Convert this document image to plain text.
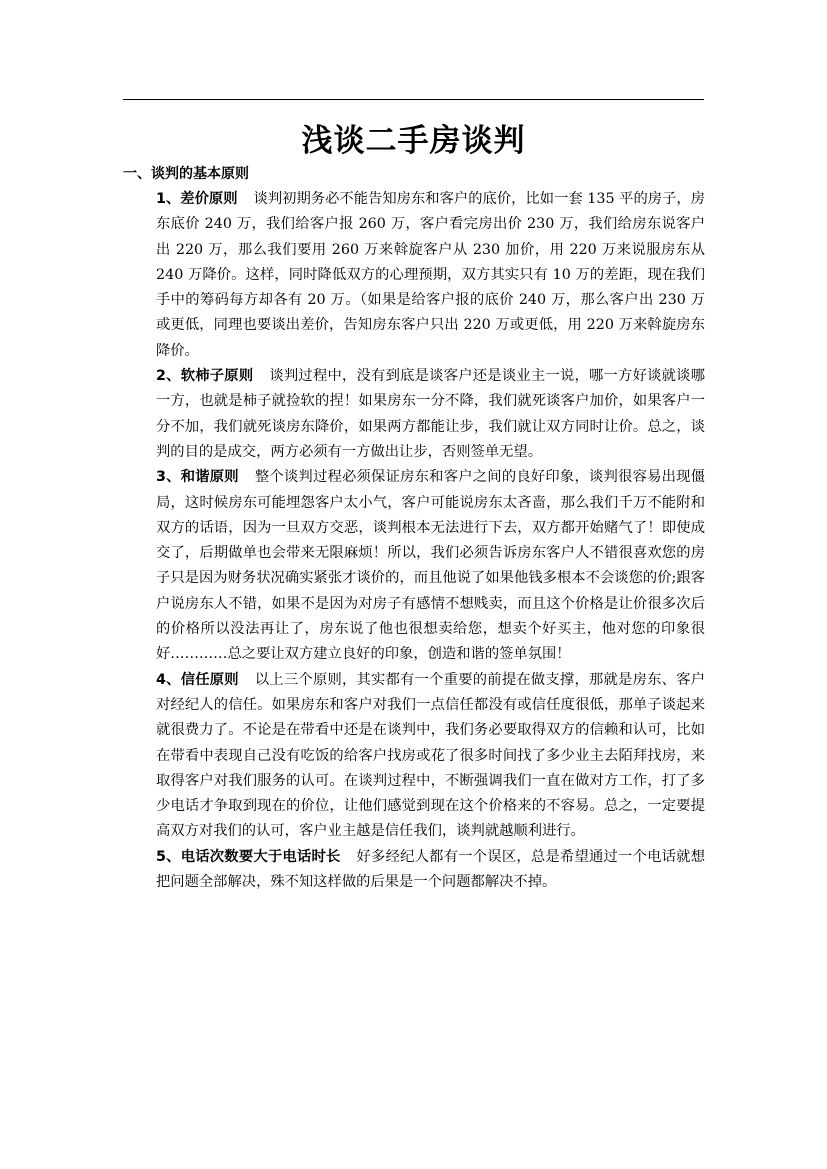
浅谈二手房谈判
一、谈判的基本原则

1、差价原则 谈判初期务必不能告知房东和客户的底价，比如一套 135 平的房子，房东底价 240 万，我们给客户报 260 万，客户看完房出价 230 万，我们给房东说客户出 220 万，那么我们要用 260 万来斡旋客户从 230 加价，用 220 万来说服房东从 240 万降价。这样，同时降低双方的心理预期，双方其实只有 10 万的差距，现在我们手中的筹码每方却各有 20 万。（如果是给客户报的底价 240 万，那么客户出 230 万或更低，同理也要谈出差价，告知房东客户只出 220 万或更低，用 220 万来斡旋房东降价。

2、软柿子原则 谈判过程中，没有到底是谈客户还是谈业主一说，哪一方好谈就谈哪一方，也就是柿子就捡软的捏！如果房东一分不降，我们就死谈客户加价，如果客户一分不加，我们就死谈房东降价，如果两方都能让步，我们就让双方同时让价。总之，谈判的目的是成交，两方必须有一方做出让步，否则签单无望。

3、和谐原则 整个谈判过程必须保证房东和客户之间的良好印象，谈判很容易出现僵局，这时候房东可能埋怨客户太小气，客户可能说房东太吝啬，那么我们千万不能附和双方的话语，因为一旦双方交恶，谈判根本无法进行下去，双方都开始赌气了！即使成交了，后期做单也会带来无限麻烦！所以，我们必须告诉房东客户人不错很喜欢您的房子只是因为财务状况确实紧张才谈价的，而且他说了如果他钱多根本不会谈您的价;跟客户说房东人不错，如果不是因为对房子有感情不想贱卖，而且这个价格是让价很多次后的价格所以没法再让了，房东说了他也很想卖给您，想卖个好买主，他对您的印象很好…………总之要让双方建立良好的印象，创造和谐的签单氛围！

4、信任原则 以上三个原则，其实都有一个重要的前提在做支撑，那就是房东、客户对经纪人的信任。如果房东和客户对我们一点信任都没有或信任度很低，那单子谈起来就很费力了。不论是在带看中还是在谈判中，我们务必要取得双方的信赖和认可，比如在带看中表现自己没有吃饭的给客户找房或花了很多时间找了多少业主去陌拜找房，来取得客户对我们服务的认可。在谈判过程中，不断强调我们一直在做对方工作，打了多少电话才争取到现在的价位，让他们感觉到现在这个价格来的不容易。总之，一定要提高双方对我们的认可，客户业主越是信任我们，谈判就越顺利进行。

5、电话次数要大于电话时长 好多经纪人都有一个误区，总是希望通过一个电话就想把问题全部解决，殊不知这样做的后果是一个问题都解决不掉。
